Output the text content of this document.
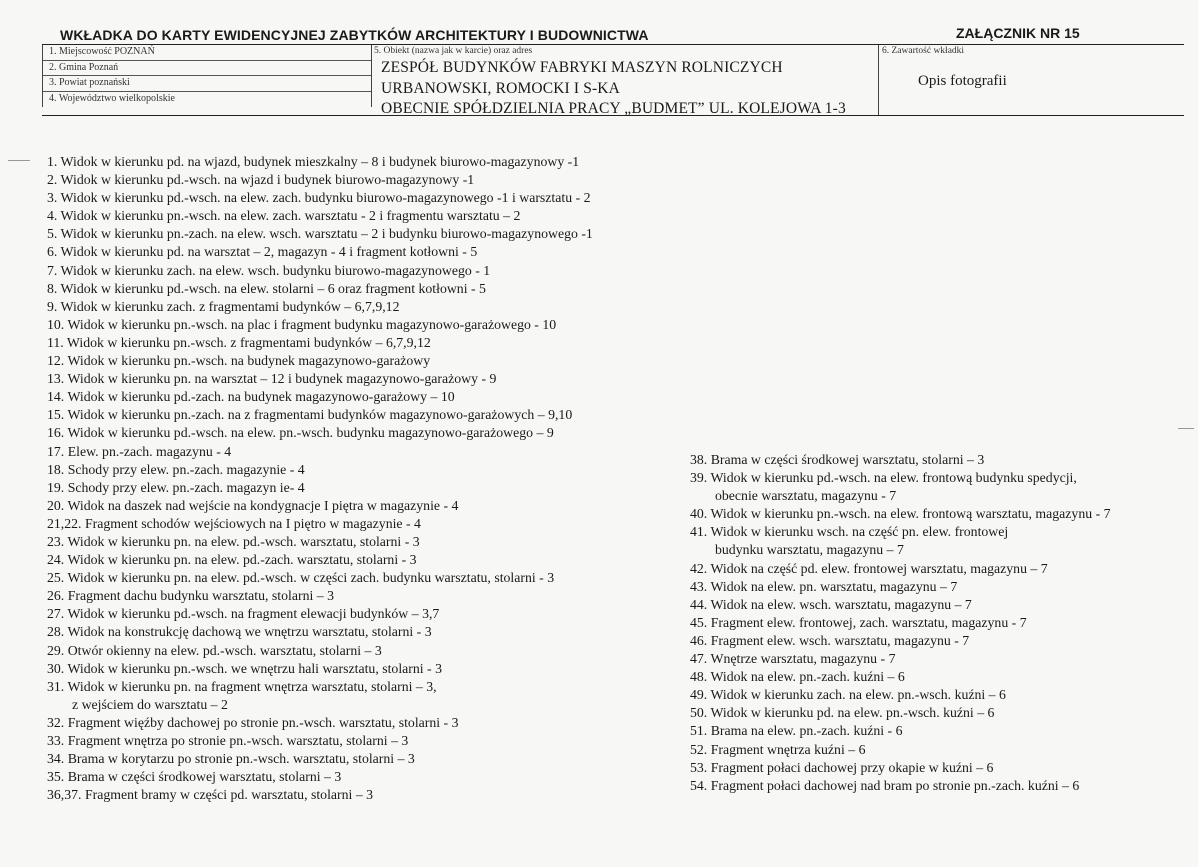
WKŁADKA DO KARTY EWIDENCYJNEJ ZABYTKÓW ARCHITEKTURY I BUDOWNICTWA	ZAŁĄCZNIK NR 15
1. Miejscowość POZNAŃ
2. Gmina Poznań
3. Powiat poznański
4. Województwo wielkopolskie
5. Obiekt (nazwa jak w karcie) oraz adres
ZESPÓŁ BUDYNKÓW FABRYKI MASZYN ROLNICZYCH
URBANOWSKI, ROMOCKI I S-KA
OBECNIE SPÓŁDZIELNIA PRACY „BUDMET” UL. KOLEJOWA 1-3
6. Zawartość wkładki
Opis fotografii
1. Widok w kierunku pd. na wjazd, budynek mieszkalny – 8 i budynek biurowo-magazynowy -1
2. Widok w kierunku pd.-wsch. na wjazd i budynek biurowo-magazynowy -1
3. Widok w kierunku pd.-wsch. na elew. zach. budynku biurowo-magazynowego -1 i warsztatu - 2
4. Widok w kierunku pn.-wsch. na elew. zach. warsztatu - 2 i fragmentu warsztatu – 2
5. Widok w kierunku pn.-zach. na elew. wsch. warsztatu – 2 i budynku biurowo-magazynowego -1
6. Widok w kierunku pd. na warsztat – 2, magazyn - 4 i fragment kotłowni - 5
7. Widok w kierunku zach. na elew. wsch. budynku biurowo-magazynowego - 1
8. Widok w kierunku pd.-wsch. na elew. stolarni – 6 oraz fragment kotłowni - 5
9. Widok w kierunku zach. z fragmentami budynków – 6,7,9,12
10. Widok w kierunku pn.-wsch. na plac i fragment budynku magazynowo-garażowego - 10
11. Widok w kierunku pn.-wsch. z fragmentami budynków – 6,7,9,12
12. Widok w kierunku pn.-wsch. na budynek magazynowo-garażowy
13. Widok w kierunku pn. na warsztat – 12 i budynek magazynowo-garażowy - 9
14. Widok w kierunku pd.-zach. na budynek magazynowo-garażowy – 10
15. Widok w kierunku pn.-zach. na z fragmentami budynków magazynowo-garażowych – 9,10
16. Widok w kierunku pd.-wsch. na elew. pn.-wsch. budynku magazynowo-garażowego – 9
17. Elew. pn.-zach. magazynu - 4
18. Schody przy elew. pn.-zach. magazynie - 4
19. Schody przy elew. pn.-zach. magazyn ie- 4
20. Widok na daszek nad wejście na kondygnacje I piętra w magazynie - 4
21,22. Fragment schodów wejściowych na I piętro w magazynie - 4
23. Widok w kierunku pn. na elew. pd.-wsch. warsztatu, stolarni - 3
24. Widok w kierunku pn. na elew. pd.-zach. warsztatu, stolarni - 3
25. Widok w kierunku pn. na elew. pd.-wsch. w części zach. budynku warsztatu, stolarni - 3
26. Fragment dachu budynku warsztatu, stolarni – 3
27. Widok w kierunku pd.-wsch. na fragment elewacji budynków – 3,7
28. Widok na konstrukcję dachową we wnętrzu warsztatu, stolarni - 3
29. Otwór okienny na elew. pd.-wsch. warsztatu, stolarni – 3
30. Widok w kierunku pn.-wsch. we wnętrzu hali warsztatu, stolarni - 3
31. Widok w kierunku pn. na fragment wnętrza warsztatu, stolarni – 3,
z wejściem do warsztatu – 2
32. Fragment więźby dachowej po stronie pn.-wsch. warsztatu, stolarni - 3
33. Fragment wnętrza po stronie pn.-wsch. warsztatu, stolarni – 3
34. Brama w korytarzu po stronie pn.-wsch. warsztatu, stolarni – 3
35. Brama w części środkowej warsztatu, stolarni – 3
36,37. Fragment bramy w części pd. warsztatu, stolarni – 3
38. Brama w części środkowej warsztatu, stolarni – 3
39. Widok w kierunku pd.-wsch. na elew. frontową budynku spedycji,
obecnie warsztatu, magazynu - 7
40. Widok w kierunku pn.-wsch. na elew. frontową warsztatu, magazynu - 7
41. Widok w kierunku wsch. na część pn. elew. frontowej
budynku warsztatu, magazynu – 7
42. Widok na część pd. elew. frontowej warsztatu, magazynu – 7
43. Widok na elew. pn. warsztatu, magazynu – 7
44. Widok na elew. wsch. warsztatu, magazynu – 7
45. Fragment elew. frontowej, zach. warsztatu, magazynu - 7
46. Fragment elew. wsch. warsztatu, magazynu - 7
47. Wnętrze warsztatu, magazynu - 7
48. Widok na elew. pn.-zach. kuźni – 6
49. Widok w kierunku zach. na elew. pn.-wsch. kuźni – 6
50. Widok w kierunku pd. na elew. pn.-wsch. kuźni – 6
51. Brama na elew. pn.-zach. kuźni - 6
52. Fragment wnętrza kuźni – 6
53. Fragment połaci dachowej przy okapie w kuźni – 6
54. Fragment połaci dachowej nad bram po stronie pn.-zach. kuźni – 6
